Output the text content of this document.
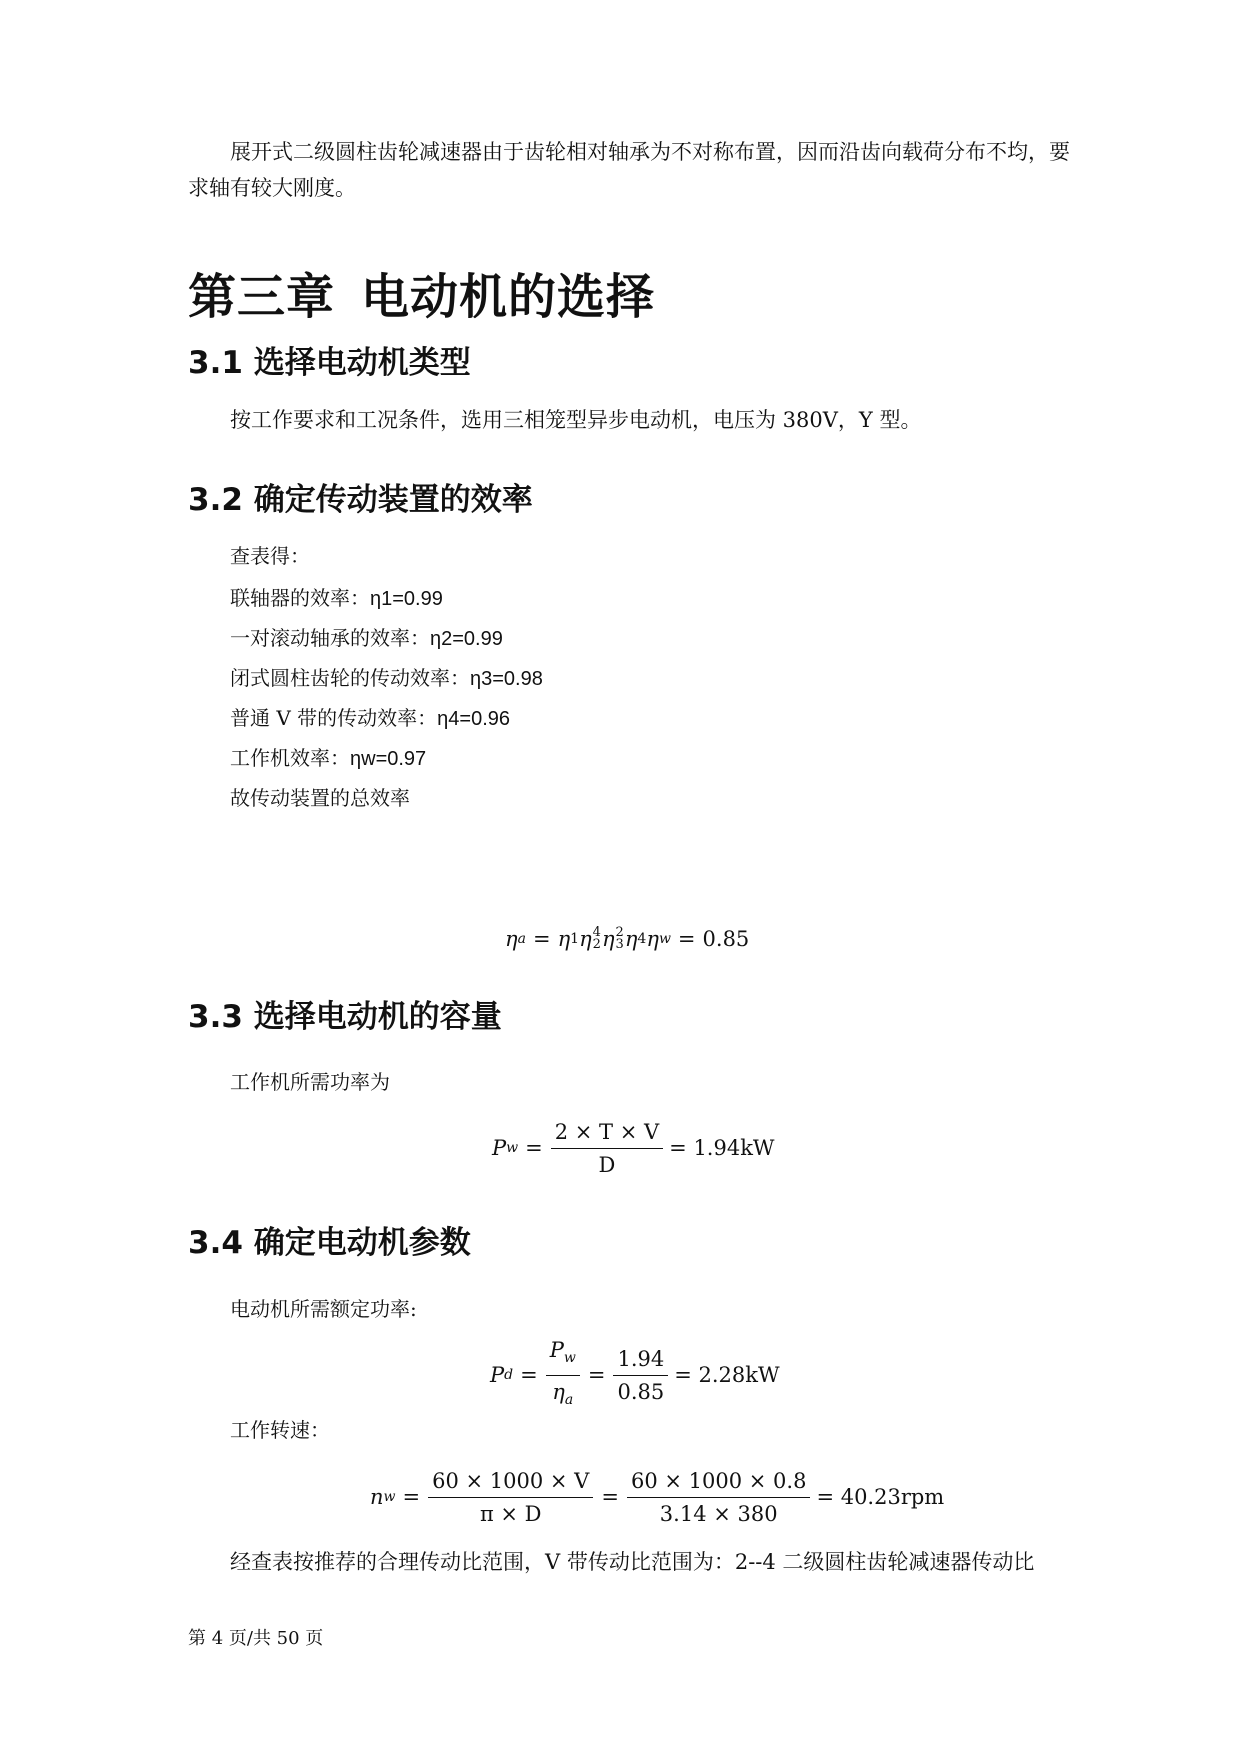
展开式二级圆柱齿轮减速器由于齿轮相对轴承为不对称布置，因而沿齿向载荷分布不均，要求轴有较大刚度。
第三章 电动机的选择
3.1 选择电动机类型
按工作要求和工况条件，选用三相笼型异步电动机，电压为 380V，Y 型。
3.2 确定传动装置的效率
查表得：
联轴器的效率：η1=0.99
一对滚动轴承的效率：η2=0.99
闭式圆柱齿轮的传动效率：η3=0.98
普通 V 带的传动效率：η4=0.96
工作机效率：ηw=0.97
故传动装置的总效率
η a = η 1 η 4
2 η 2
3 η 4 η w = 0.85
3.3 选择电动机的容量
工作机所需功率为
P $w = \frac{2 \times T \times V}{D} = 1.94kW$
3.4 确定电动机参数
电动机所需额定功率:
P $d = \frac{P_w}{\eta_a} = \frac{1.94}{0.85} = 2.28kW$
工作转速：
n $w = \frac{60 \times 1000 \times V}{\pi \times D} = \frac{60 \times 1000 \times 0.8}{3.14 \times 380} = 40.23rpm$
经查表按推荐的合理传动比范围，V 带传动比范围为：2--4 二级圆柱齿轮减速器传动比
第 4 页/共 50 页
